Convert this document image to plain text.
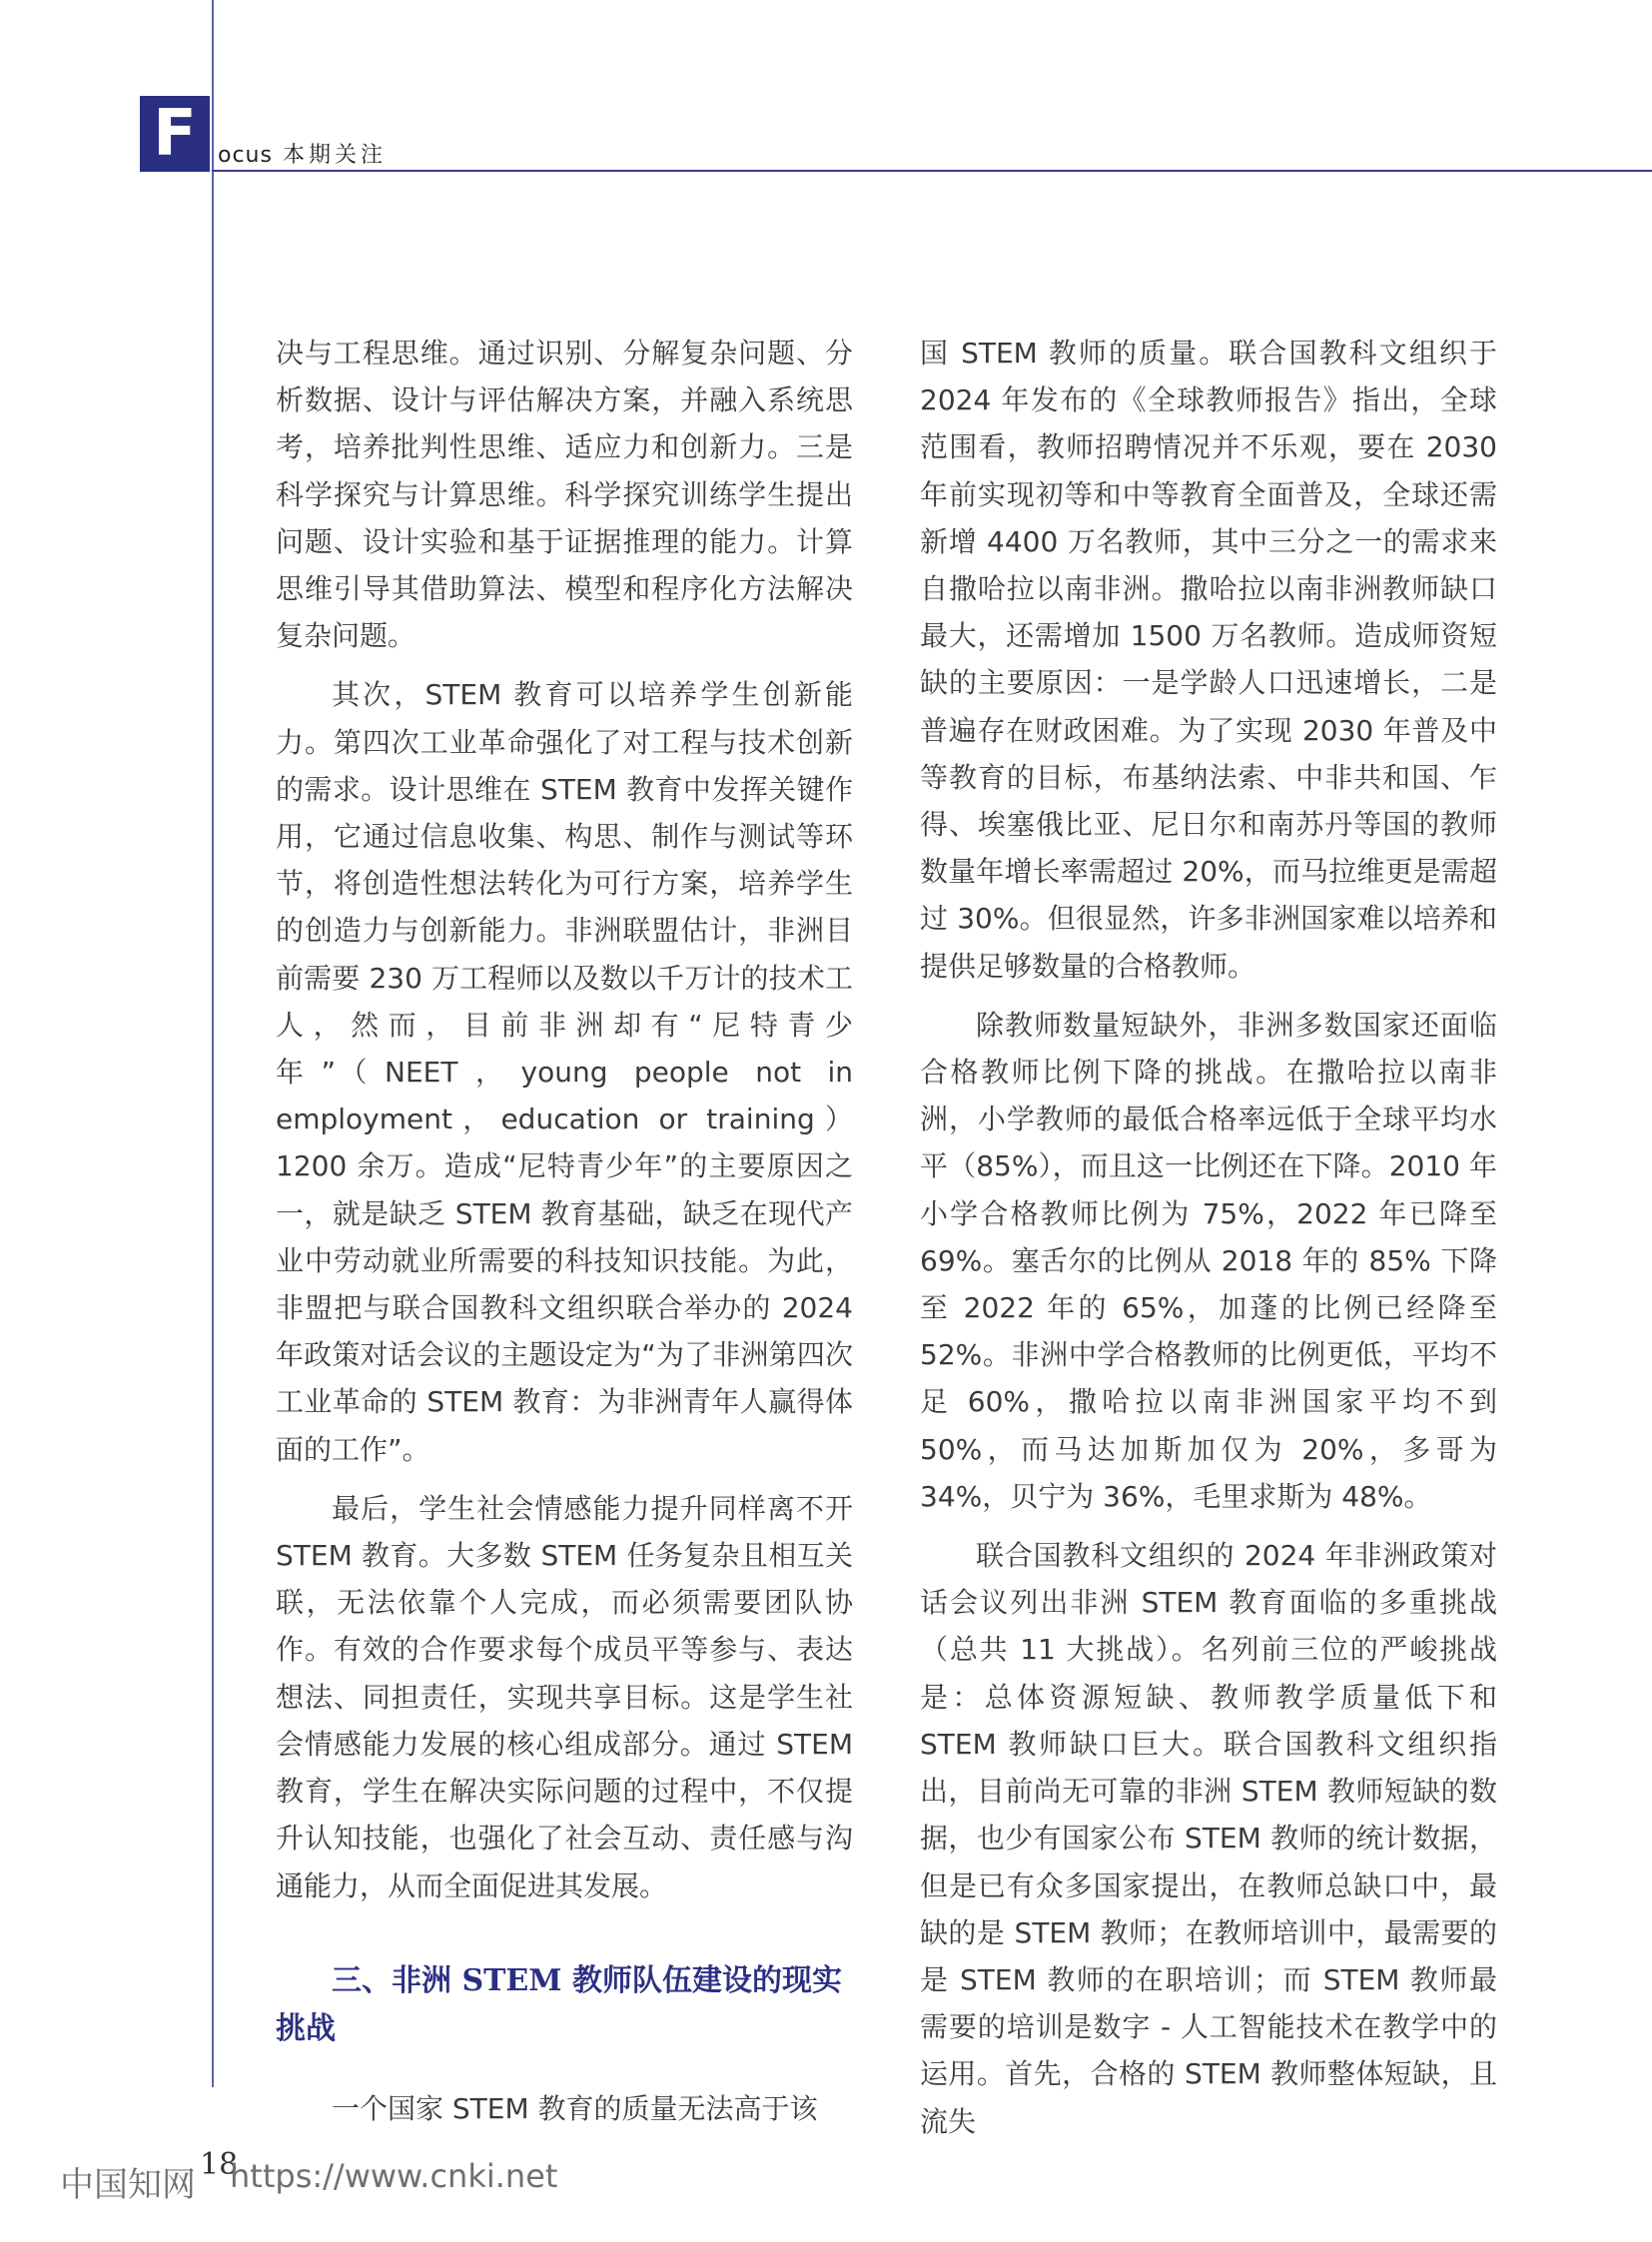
F ocus 本期关注

决与工程思维。通过识别、分解复杂问题、分析数据、设计与评估解决方案，并融入系统思考，培养批判性思维、适应力和创新力。三是科学探究与计算思维。科学探究训练学生提出问题、设计实验和基于证据推理的能力。计算思维引导其借助算法、模型和程序化方法解决复杂问题。

其次，STEM 教育可以培养学生创新能力。第四次工业革命强化了对工程与技术创新的需求。设计思维在 STEM 教育中发挥关键作用，它通过信息收集、构思、制作与测试等环节，将创造性想法转化为可行方案，培养学生的创造力与创新能力。非洲联盟估计，非洲目前需要 230 万工程师以及数以千万计的技术工人，然而，目前非洲却有“尼特青少年”（NEET，young people not in employment，education or training）1200 余万。造成“尼特青少年”的主要原因之一，就是缺乏 STEM 教育基础，缺乏在现代产业中劳动就业所需要的科技知识技能。为此，非盟把与联合国教科文组织联合举办的 2024 年政策对话会议的主题设定为“为了非洲第四次工业革命的 STEM 教育：为非洲青年人赢得体面的工作”。

最后，学生社会情感能力提升同样离不开 STEM 教育。大多数 STEM 任务复杂且相互关联，无法依靠个人完成，而必须需要团队协作。有效的合作要求每个成员平等参与、表达想法、同担责任，实现共享目标。这是学生社会情感能力发展的核心组成部分。通过 STEM 教育，学生在解决实际问题的过程中，不仅提升认知技能，也强化了社会互动、责任感与沟通能力，从而全面促进其发展。

三、非洲 STEM 教师队伍建设的现实挑战

一个国家 STEM 教育的质量无法高于该

国 STEM 教师的质量。联合国教科文组织于 2024 年发布的《全球教师报告》指出，全球范围看，教师招聘情况并不乐观，要在 2030 年前实现初等和中等教育全面普及，全球还需新增 4400 万名教师，其中三分之一的需求来自撒哈拉以南非洲。撒哈拉以南非洲教师缺口最大，还需增加 1500 万名教师。造成师资短缺的主要原因：一是学龄人口迅速增长，二是普遍存在财政困难。为了实现 2030 年普及中等教育的目标，布基纳法索、中非共和国、乍得、埃塞俄比亚、尼日尔和南苏丹等国的教师数量年增长率需超过 20%，而马拉维更是需超过 30%。但很显然，许多非洲国家难以培养和提供足够数量的合格教师。

除教师数量短缺外，非洲多数国家还面临合格教师比例下降的挑战。在撒哈拉以南非洲，小学教师的最低合格率远低于全球平均水平（85%），而且这一比例还在下降。2010 年小学合格教师比例为 75%，2022 年已降至 69%。塞舌尔的比例从 2018 年的 85% 下降至 2022 年的 65%，加蓬的比例已经降至 52%。非洲中学合格教师的比例更低，平均不足 60%，撒哈拉以南非洲国家平均不到 50%，而马达加斯加仅为 20%，多哥为 34%，贝宁为 36%，毛里求斯为 48%。

联合国教科文组织的 2024 年非洲政策对话会议列出非洲 STEM 教育面临的多重挑战（总共 11 大挑战）。名列前三位的严峻挑战是：总体资源短缺、教师教学质量低下和 STEM 教师缺口巨大。联合国教科文组织指出，目前尚无可靠的非洲 STEM 教师短缺的数据，也少有国家公布 STEM 教师的统计数据，但是已有众多国家提出，在教师总缺口中，最缺的是 STEM 教师；在教师培训中，最需要的是 STEM 教师的在职培训；而 STEM 教师最需要的培训是数字 - 人工智能技术在教学中的运用。首先，合格的 STEM 教师整体短缺，且流失

中国知网
18
https://www.cnki.net
